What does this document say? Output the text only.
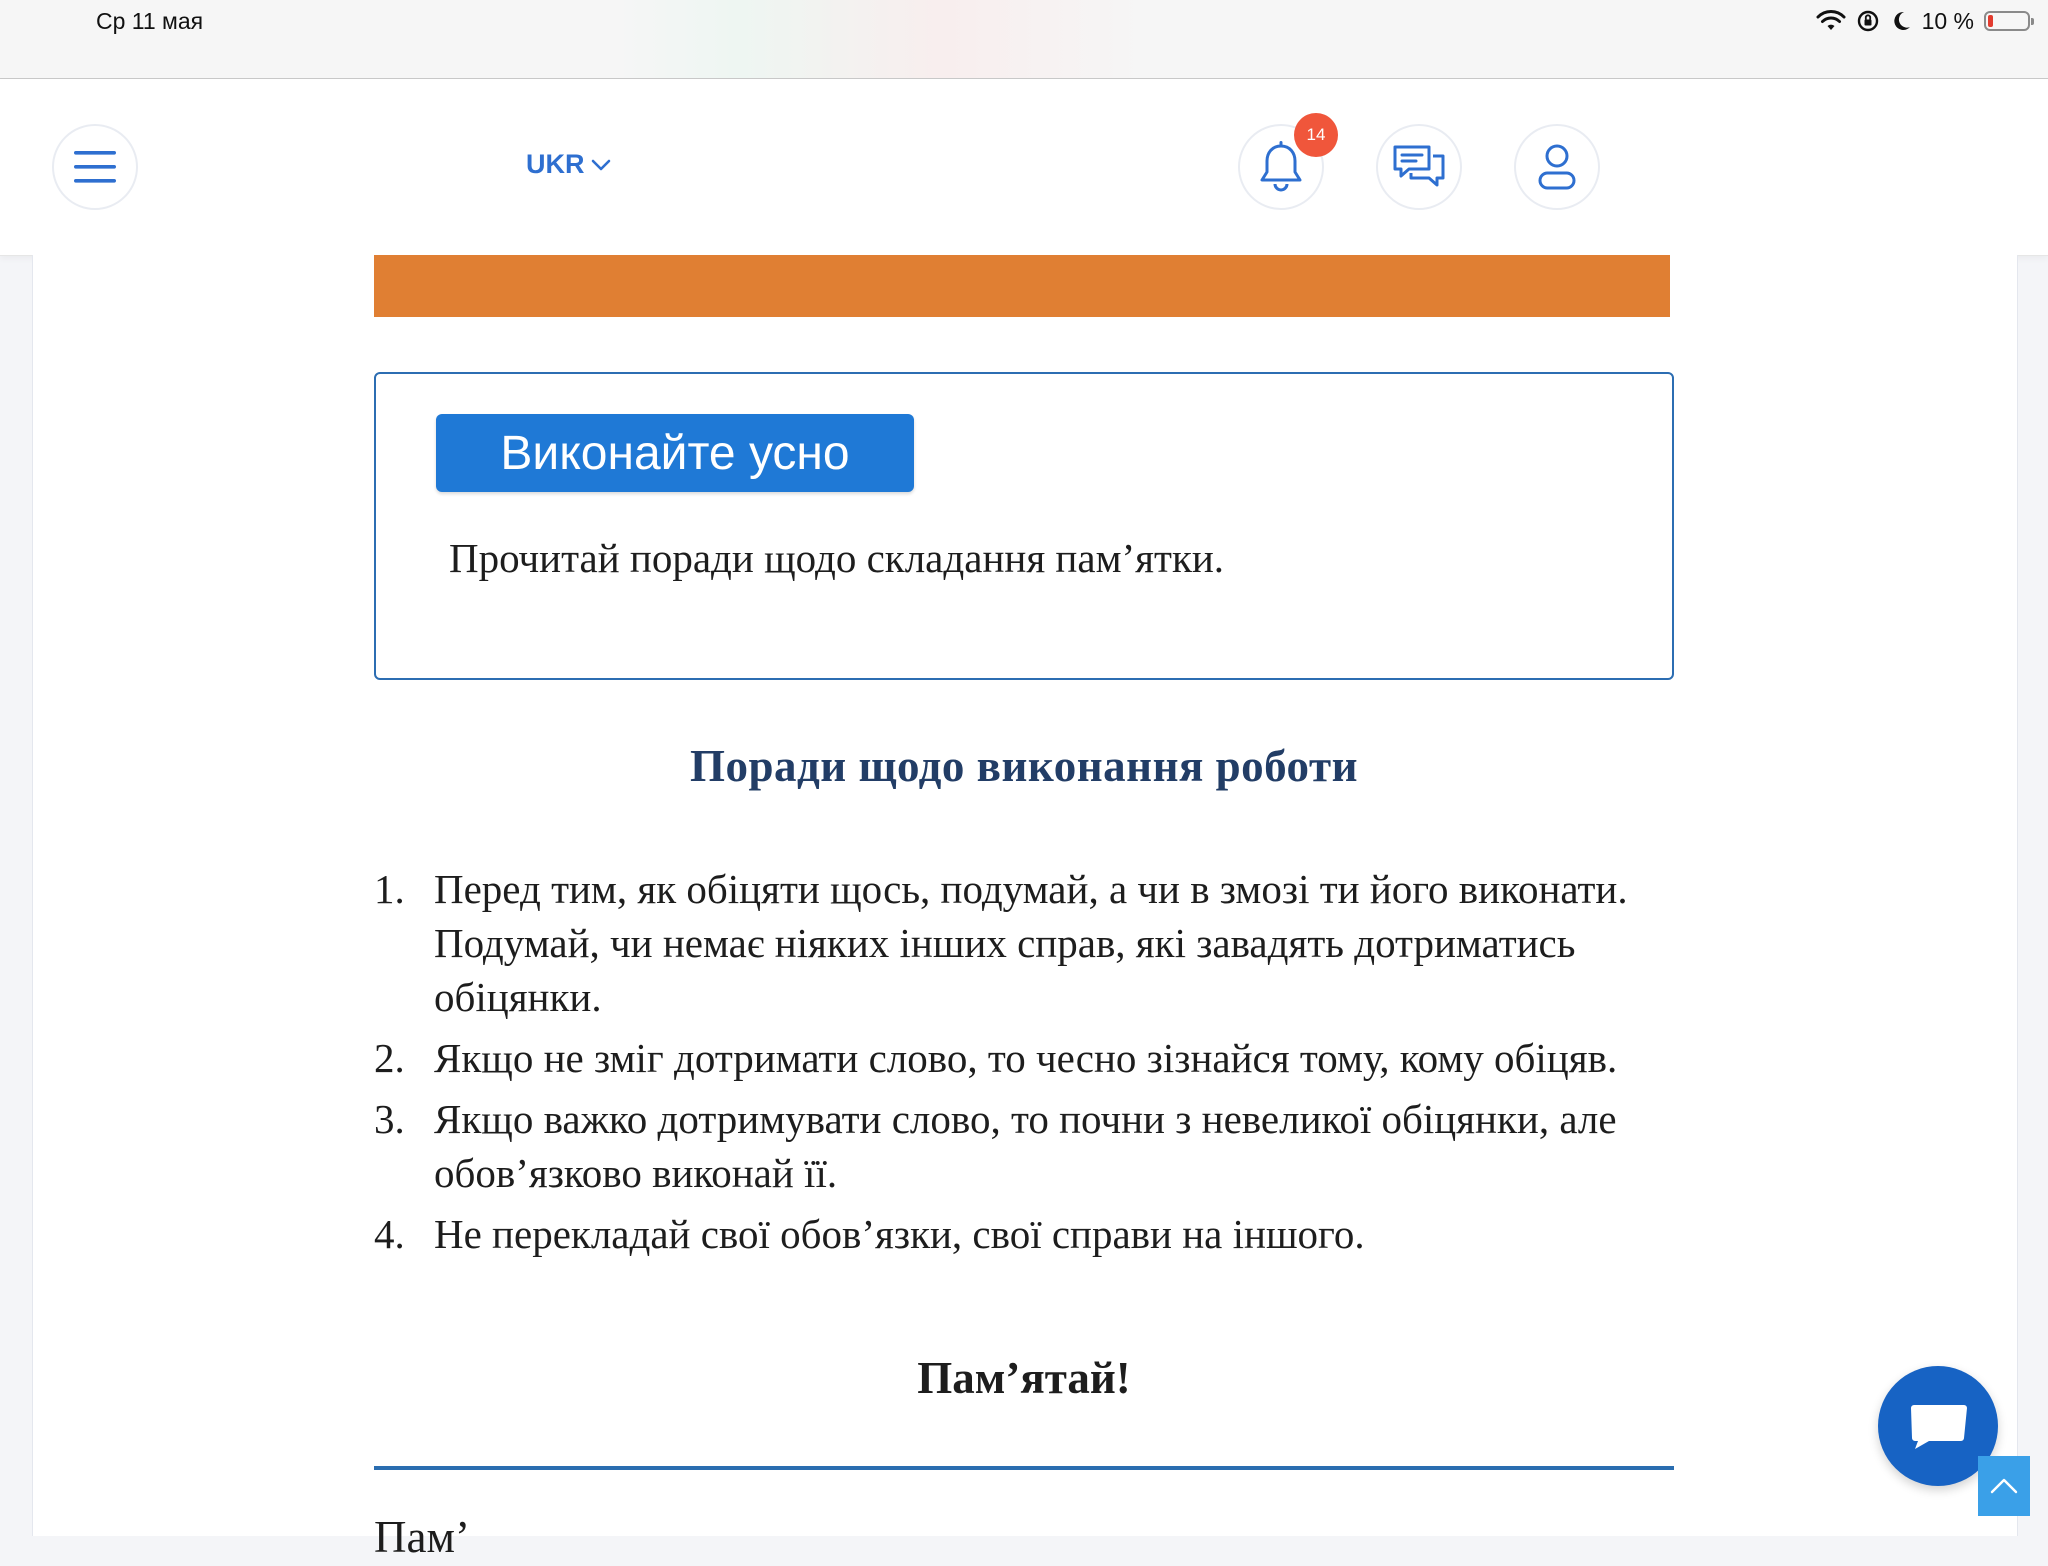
Ср 11 мая	10 %
UKR
14
Виконайте усно
Прочитай поради щодо складання пам’ятки.
Поради щодо виконання роботи
1. Перед тим, як обіцяти щось, подумай, а чи в змозі ти його виконати. Подумай, чи немає ніяких інших справ, які завадять дотриматись обіцянки.
2. Якщо не зміг дотримати слово, то чесно зізнайся тому, кому обіцяв.
3. Якщо важко дотримувати слово, то почни з невеликої обіцянки, але обов’язково виконай її.
4. Не перекладай свої обов’язки, свої справи на іншого.
Пам’ятай!
Пам’
